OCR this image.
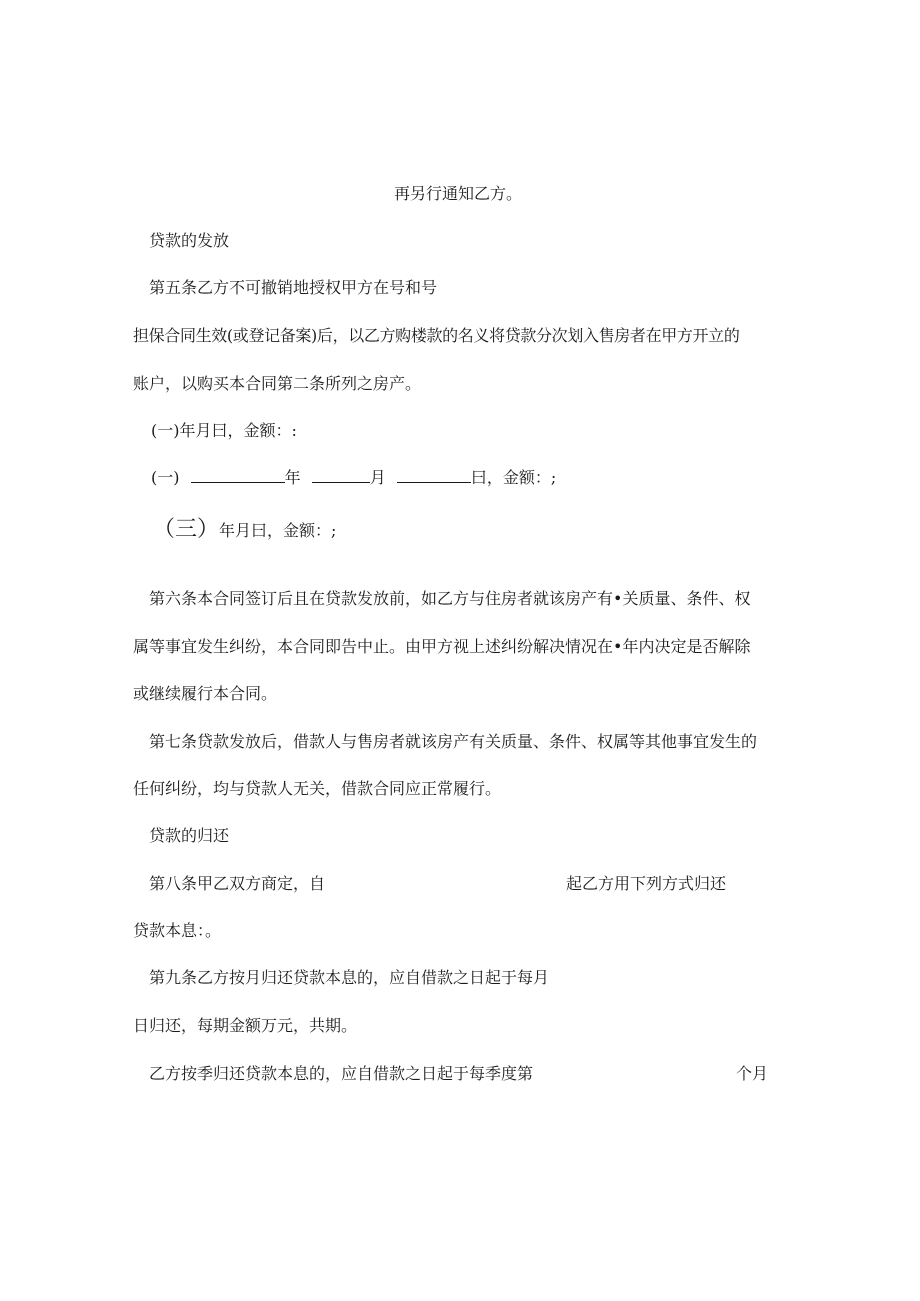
再另行通知乙方。
贷款的发放
第五条乙方不可撤销地授权甲方在号和号
担保合同生效(或登记备案)后，以乙方购楼款的名义将贷款分次划入售房者在甲方开立的
账户，以购买本合同第二条所列之房产。
(一)年月曰，金额：:
(一)	年	月	曰，金额：;
（三）年月曰，金额：;
第六条本合同签订后且在贷款发放前，如乙方与住房者就该房产有•关质量、条件、权
属等事宜发生纠纷，本合同即告中止。由甲方视上述纠纷解决情况在•年内决定是否解除
或继续履行本合同。
第七条贷款发放后，借款人与售房者就该房产有关质量、条件、权属等其他事宜发生的
任何纠纷，均与贷款人无关，借款合同应正常履行。
贷款的归还
第八条甲乙双方商定，自	起乙方用下列方式归还
贷款本息：。
第九条乙方按月归还贷款本息的，应自借款之日起于每月
日归还，每期金额万元，共期。
乙方按季归还贷款本息的，应自借款之日起于每季度第	个月
